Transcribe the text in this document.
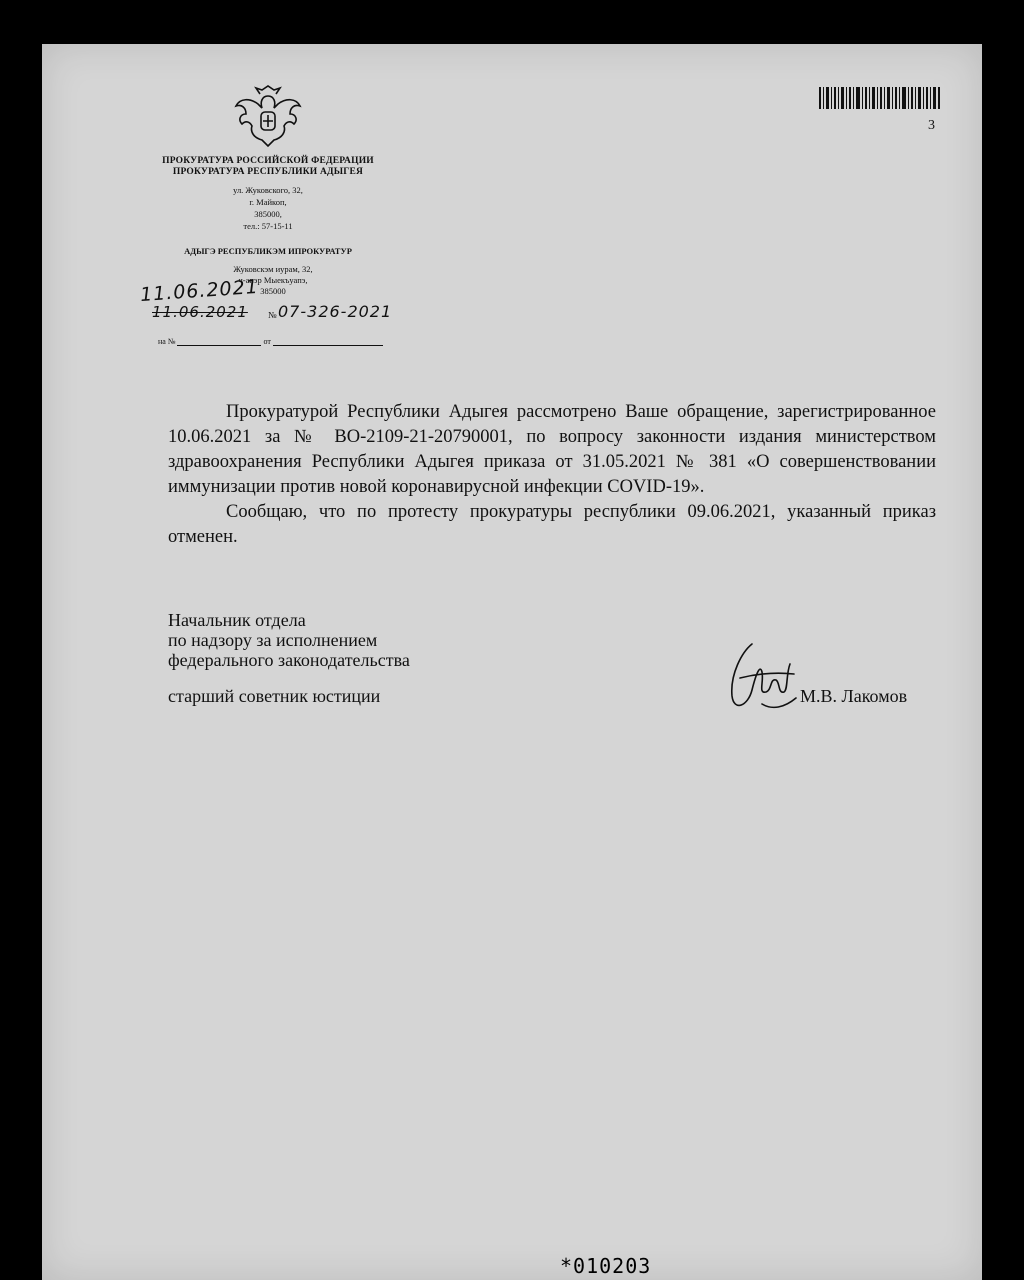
3
ПРОКУРАТУРА РОССИЙСКОЙ ФЕДЕРАЦИИ
ПРОКУРАТУРА РЕСПУБЛИКИ АДЫГЕЯ
ул. Жуковского, 32,
г. Майкоп,
385000,
тел.: 57-15-11
АДЫГЭ РЕСПУБЛИКЭМ ИПРОКУРАТУР
Жуковскэм иурам, 32,
ч-апэр Мыекъуапэ,
385000
11.06.2021
11.06.2021 № 07-326-2021
на №	от

Прокуратурой Республики Адыгея рассмотрено Ваше обращение, зарегистрированное 10.06.2021 за № ВО-2109-21-20790001, по вопросу законности издания министерством здравоохранения Республики Адыгея приказа от 31.05.2021 № 381 «О совершенствовании иммунизации против новой коронавирусной инфекции COVID-19».

Сообщаю, что по протесту прокуратуры республики 09.06.2021, указанный приказ отменен.

Начальник отдела
по надзору за исполнением
федерального законодательства
старший советник юстиции	М.В. Лакомов
*010203
